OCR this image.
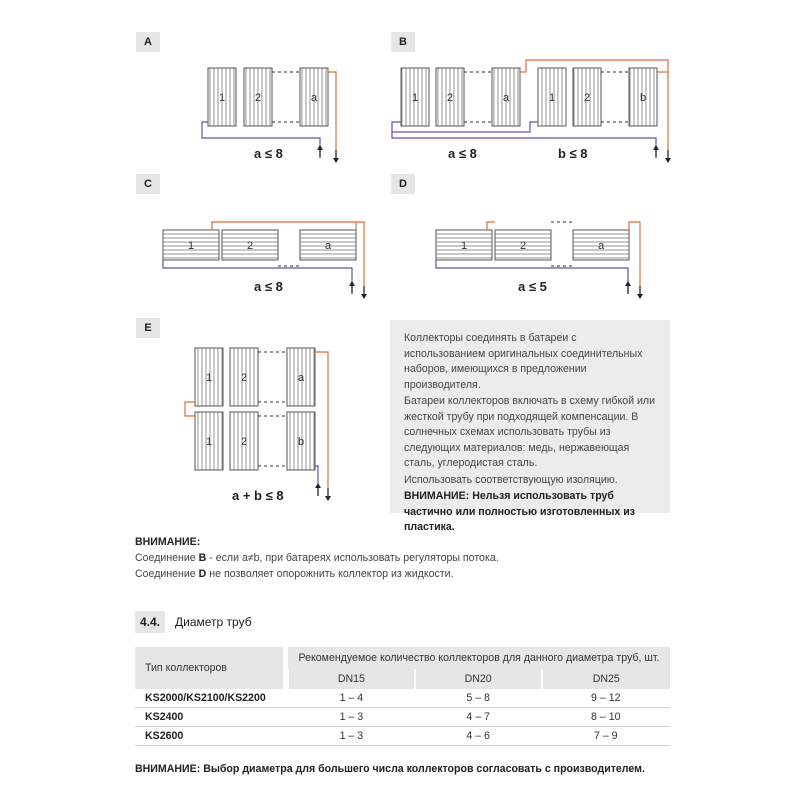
A	B
C	D
E
1	2	a	1	2	a	1	2	b
1	2	a	1	2	a
1	2	a
1	2	b
a ≤ 8	a ≤ 8	b ≤ 8
a ≤ 8	a ≤ 5
a + b ≤ 8

Коллекторы соединять в батареи с использованием оригинальных соединительных наборов, имеющихся в предложении производителя.

Батареи коллекторов включать в схему гибкой или жесткой трубу при подходящей компенсации. В солнечных схемах использовать трубы из следующих материалов: медь, нержавеющая сталь, углеродистая сталь.

Использовать соответствующую изоляцию.

ВНИМАНИЕ: Нельзя использовать труб частично или полностью изготовленных из пластика.

ВНИМАНИЕ:
Соединение B - если a≠b, при батареях использовать регуляторы потока.
Соединение D не позволяет опорожнить коллектор из жидкости.
4.4.	Диаметр труб
Тип коллекторов		Рекомендуемое количество коллекторов для данного диаметра труб, шт.		
		DN15	DN20	DN25
KS2000/KS2100/KS2200		1 – 4	5 – 8	9 – 12
KS2400		1 – 3	4 – 7	8 – 10
KS2600		1 – 3	4 – 6	7 – 9
ВНИМАНИЕ: Выбор диаметра для большего числа коллекторов согласовать с производителем.
